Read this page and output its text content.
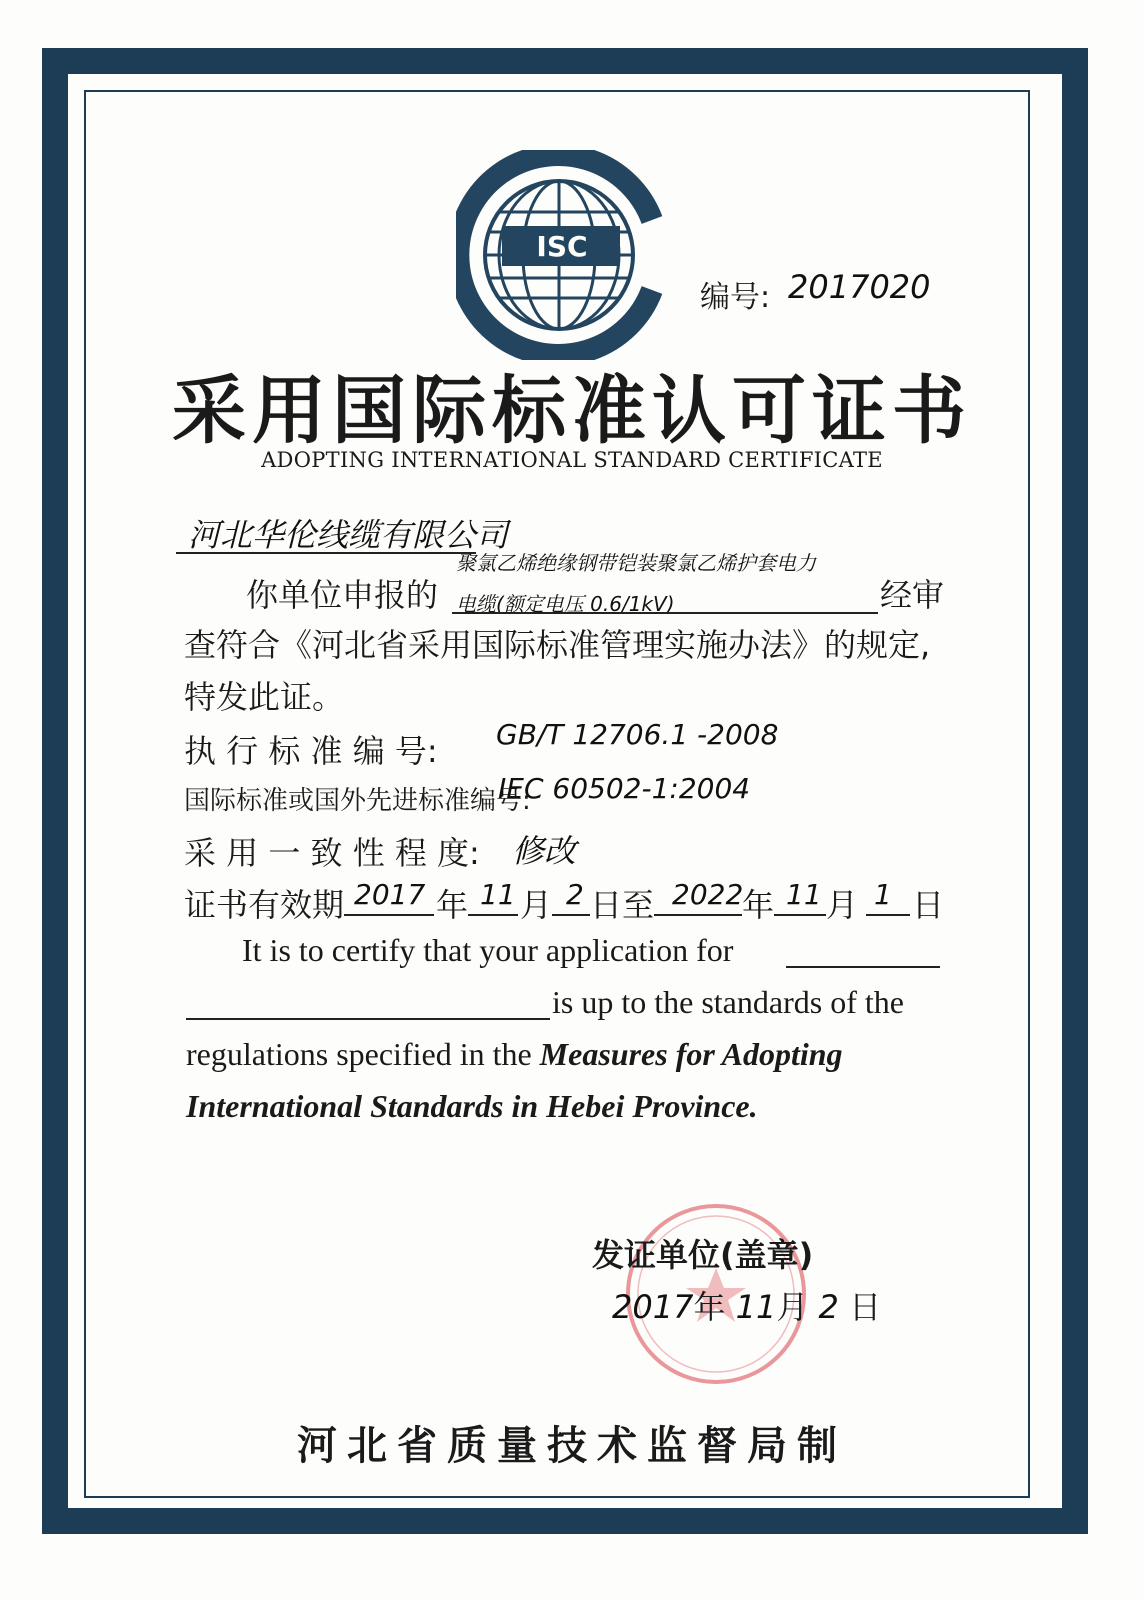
ISC
编号: 2017020
采用国际标准认可证书
ADOPTING INTERNATIONAL STANDARD CERTIFICATE
河北华伦线缆有限公司
你单位申报的
聚氯乙烯绝缘钢带铠装聚氯乙烯护套电力
电缆(额定电压 0.6/1kV)	经审
查符合《河北省采用国际标准管理实施办法》的规定,
特发此证。
执 行 标 准 编 号: GB/T 12706.1 -2008
国际标准或国外先进标准编号:
IEC 60502-1:2004
采 用 一 致 性 程 度: 修改
证书有效期 2017 年 11 月 2 日至 2022
年 11 月 1 日
It is to certify that your application for
is up to the standards of the
regulations specified in the Measures for Adopting
International Standards in Hebei Province.
发证单位(盖章)
2017年 11月 2 日
河北省质量技术监督局制
